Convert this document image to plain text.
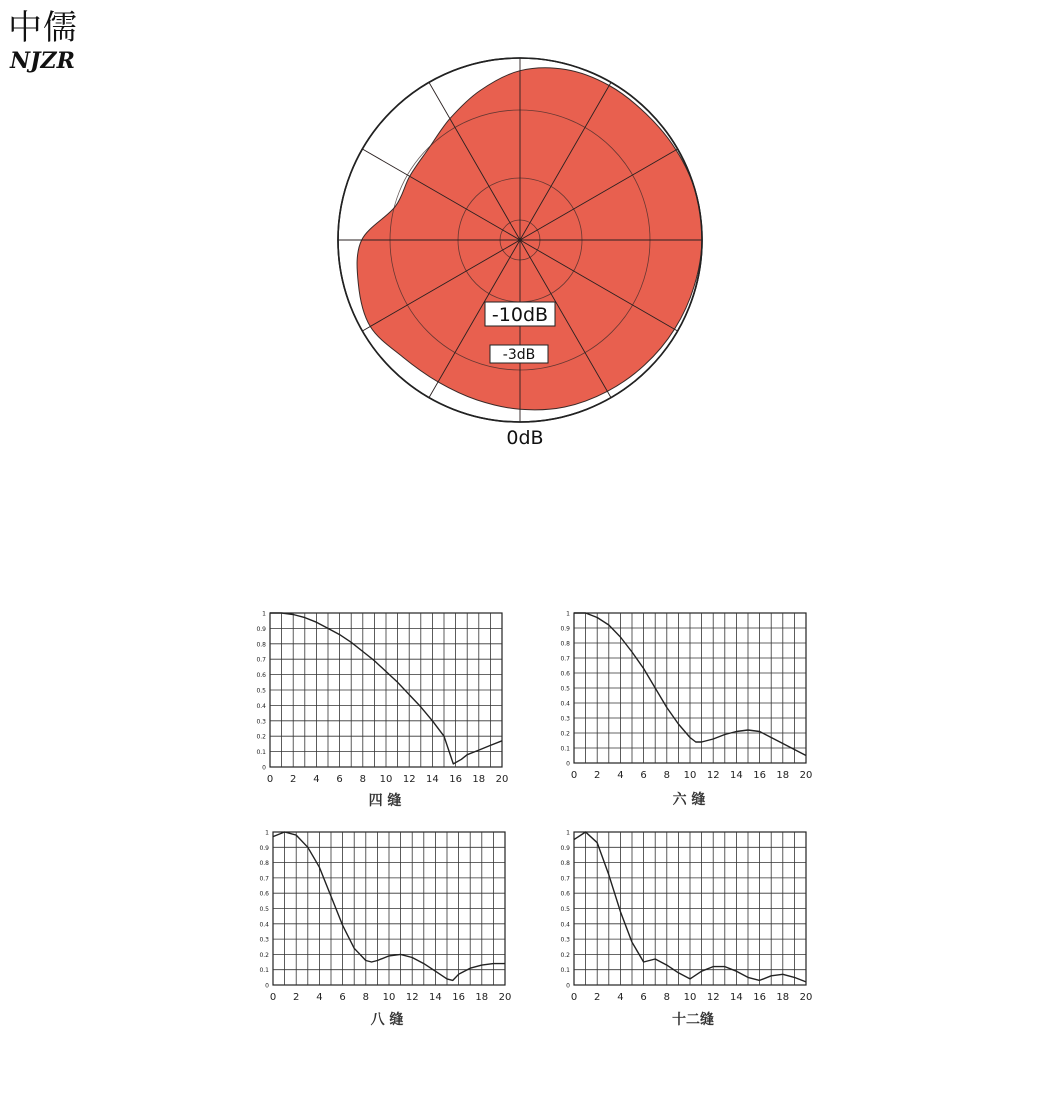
中儒
NJZR
-10dB
-3dB
0dB
0 2 4 6 8 10 12 14 16 18 20
0
0.1
0.2
0.3
0.4
0.5
0.6
0.7
0.8
0.9
1
四 缝
0 2 4 6 8 10 12 14 16 18 20
0
0.1
0.2
0.3
0.4
0.5
0.6
0.7
0.8
0.9
1
六 缝
0 2 4 6 8 10 12 14 16 18 20
0
0.1
0.2
0.3
0.4
0.5
0.6
0.7
0.8
0.9
1
八 缝
0 2 4 6 8 10 12 14 16 18 20
0
0.1
0.2
0.3
0.4
0.5
0.6
0.7
0.8
0.9
1
十二缝
